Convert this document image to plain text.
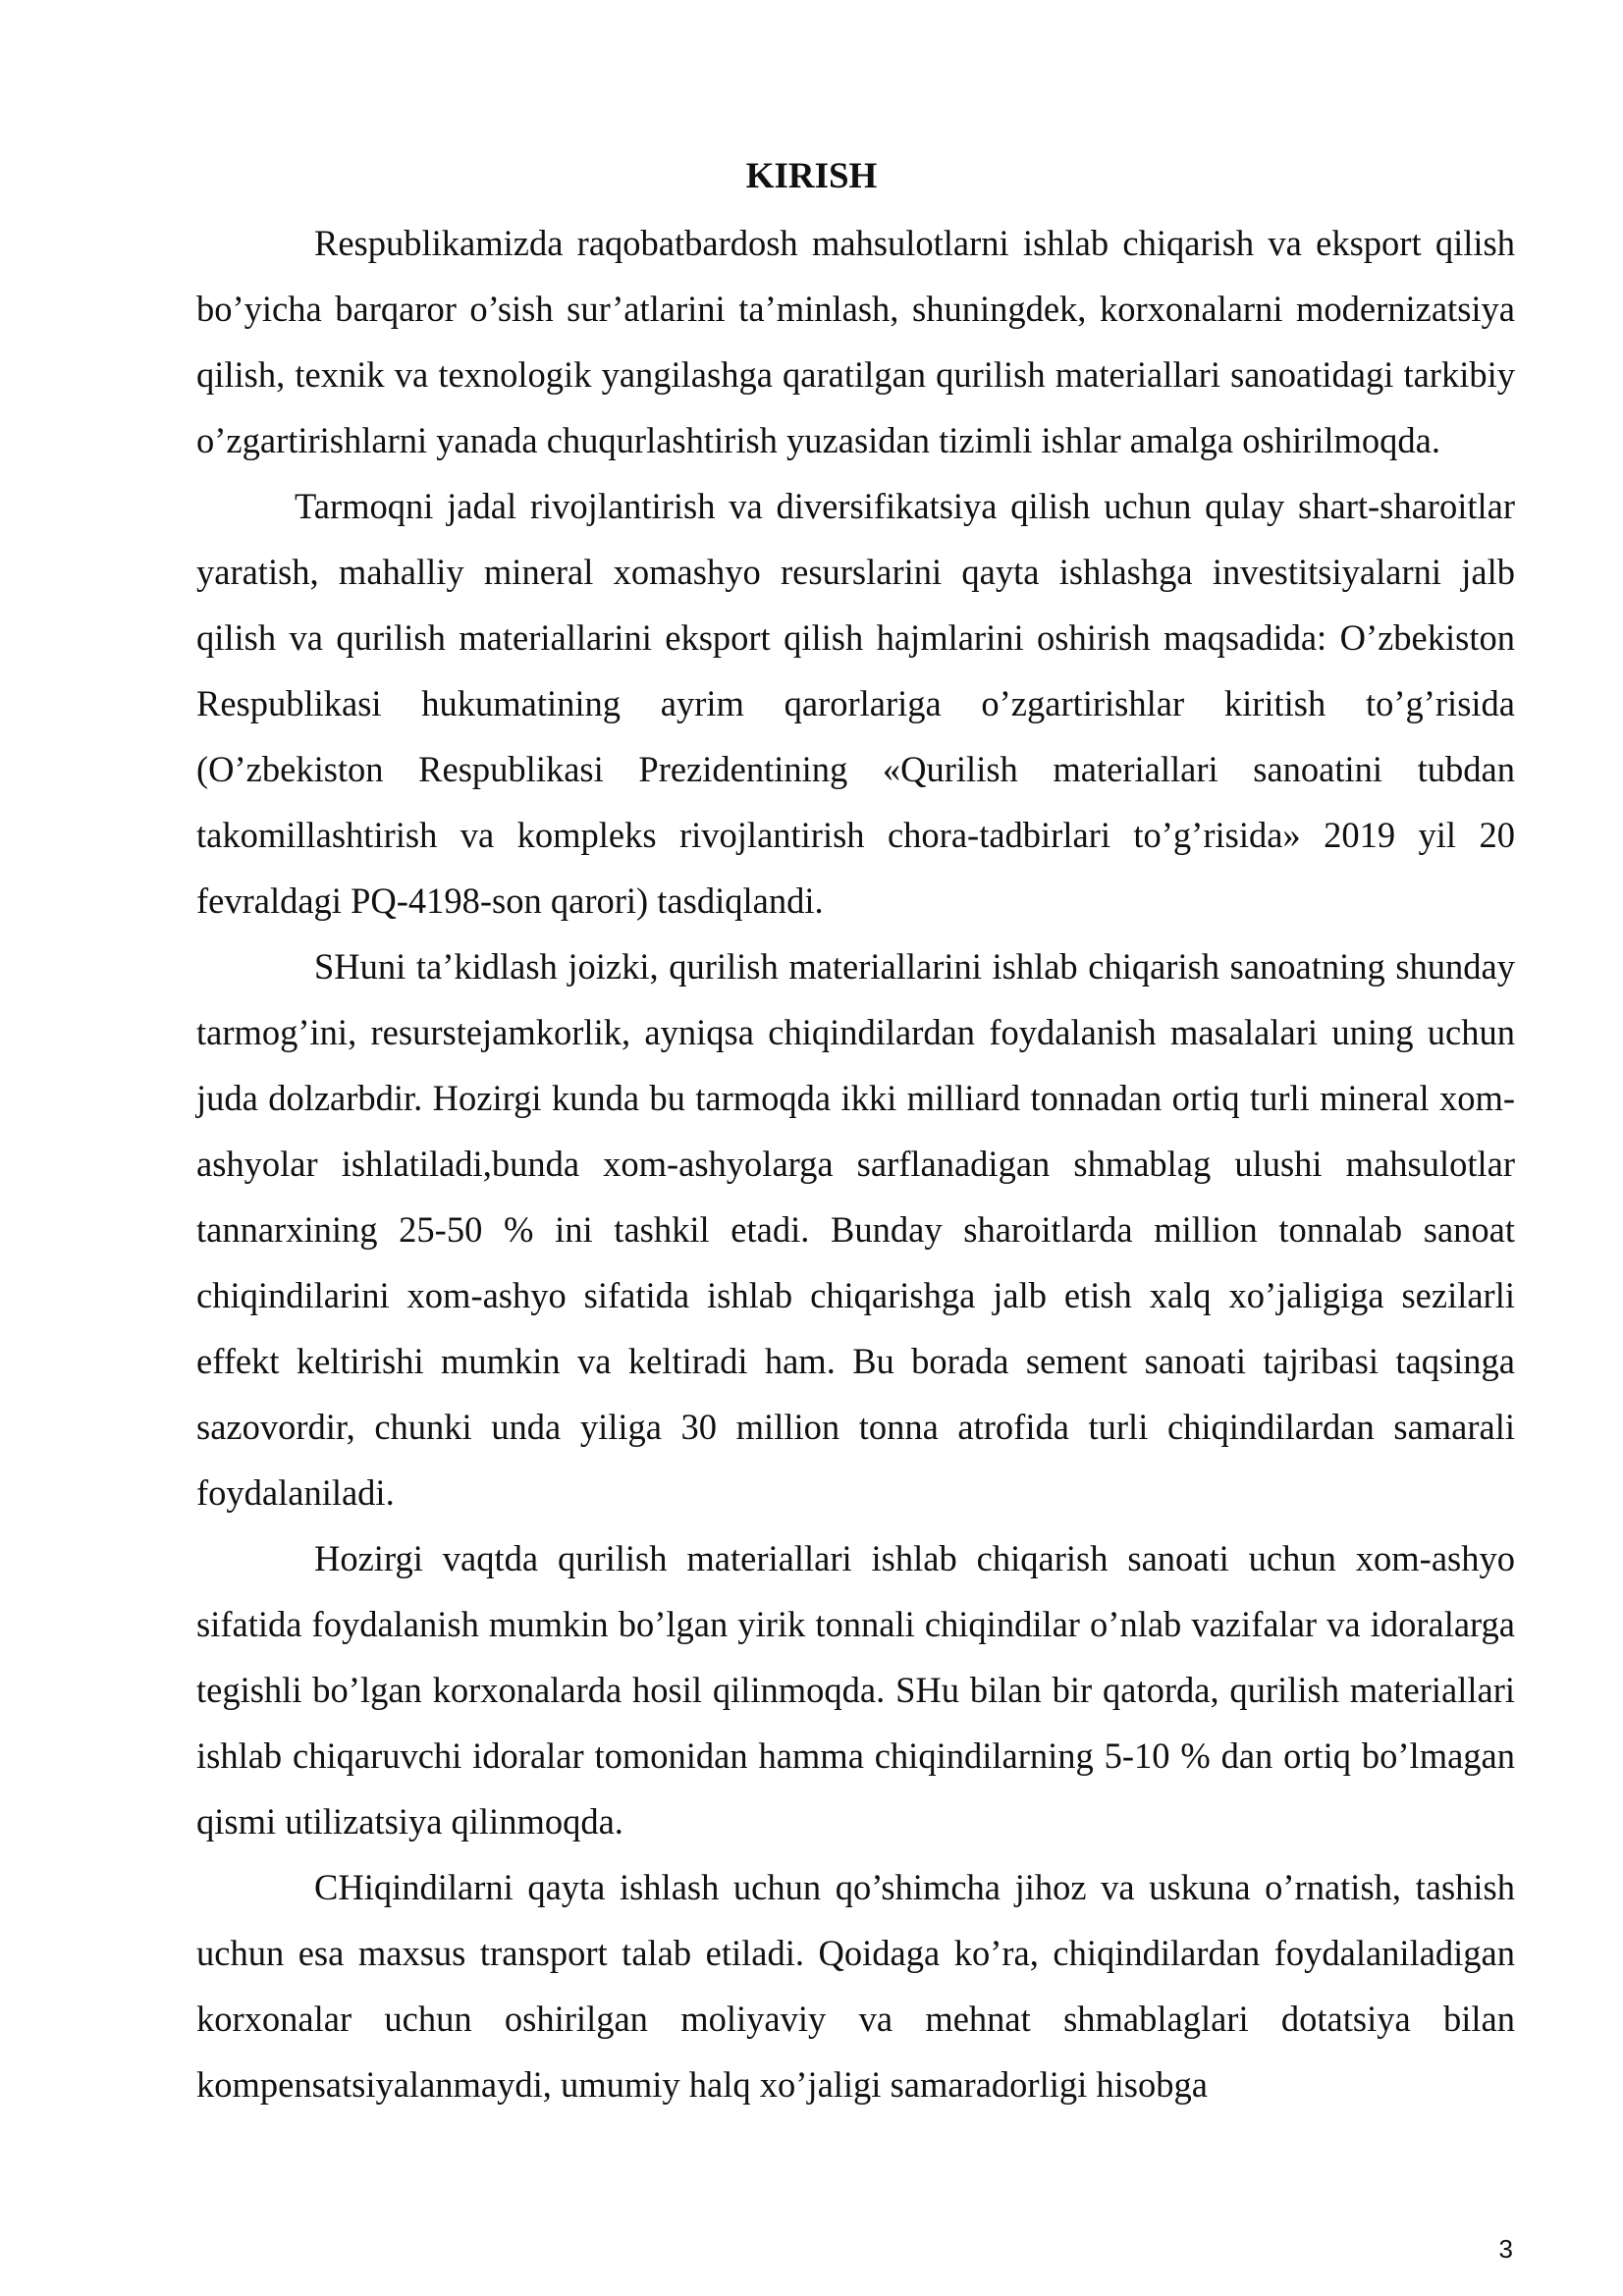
KIRISH

Respublikamizda raqobatbardosh mahsulotlarni ishlab chiqarish va eksport qilish bo’yicha barqaror o’sish sur’atlarini ta’minlash, shuningdek, korxonalarni modernizatsiya qilish, texnik va texnologik yangilashga qaratilgan qurilish materiallari sanoatidagi tarkibiy o’zgartirishlarni yanada chuqurlashtirish yuzasidan tizimli ishlar amalga oshirilmoqda.

Tarmoqni jadal rivojlantirish va diversifikatsiya qilish uchun qulay shart-sharoitlar yaratish, mahalliy mineral xomashyo resurslarini qayta ishlashga investitsiyalarni jalb qilish va qurilish materiallarini eksport qilish hajmlarini oshirish maqsadida: O’zbekiston Respublikasi hukumatining ayrim qarorlariga o’zgartirishlar kiritish to’g’risida (O’zbekiston Respublikasi Prezidentining «Qurilish materiallari sanoatini tubdan takomillashtirish va kompleks rivojlantirish chora-tadbirlari to’g’risida» 2019 yil 20 fevraldagi PQ-4198-son qarori) tasdiqlandi.

SHuni ta’kidlash joizki, qurilish materiallarini ishlab chiqarish sanoatning shunday tarmog’ini, resurstejamkorlik, ayniqsa chiqindilardan foydalanish masalalari uning uchun juda dolzarbdir. Hozirgi kunda bu tarmoqda ikki milliard tonnadan ortiq turli mineral xom-ashyolar ishlatiladi,bunda xom-ashyolarga sarflanadigan shmablag ulushi mahsulotlar tannarxining 25-50 % ini tashkil etadi. Bunday sharoitlarda million tonnalab sanoat chiqindilarini xom-ashyo sifatida ishlab chiqarishga jalb etish xalq xo’jaligiga sezilarli effekt keltirishi mumkin va keltiradi ham. Bu borada sement sanoati tajribasi taqsinga sazovordir, chunki unda yiliga 30 million tonna atrofida turli chiqindilardan samarali foydalaniladi.

Hozirgi vaqtda qurilish materiallari ishlab chiqarish sanoati uchun xom-ashyo sifatida foydalanish mumkin bo’lgan yirik tonnali chiqindilar o’nlab vazifalar va idoralarga tegishli bo’lgan korxonalarda hosil qilinmoqda. SHu bilan bir qatorda, qurilish materiallari ishlab chiqaruvchi idoralar tomonidan hamma chiqindilarning 5-10 % dan ortiq bo’lmagan qismi utilizatsiya qilinmoqda.

CHiqindilarni qayta ishlash uchun qo’shimcha jihoz va uskuna o’rnatish, tashish uchun esa maxsus transport talab etiladi. Qoidaga ko’ra, chiqindilardan foydalaniladigan korxonalar uchun oshirilgan moliyaviy va mehnat shmablaglari dotatsiya bilan kompensatsiyalanmaydi, umumiy halq xo’jaligi samaradorligi hisobga

3
